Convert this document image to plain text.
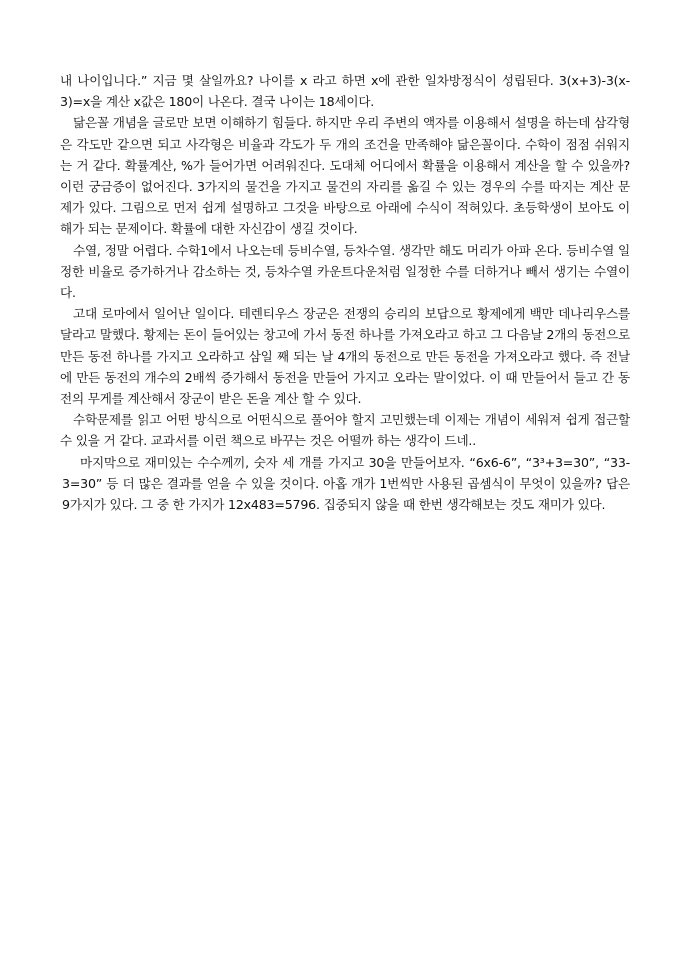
내 나이입니다.” 지금 몇 살일까요? 나이를 x 라고 하면 x에 관한 일차방정식이 성립된다. 3(x+3)-3(x-3)=x을 계산 x값은 180이 나온다. 결국 나이는 18세이다.

닮은꼴 개념을 글로만 보면 이해하기 힘들다. 하지만 우리 주변의 액자를 이용해서 설명을 하는데 삼각형은 각도만 같으면 되고 사각형은 비율과 각도가 두 개의 조건을 만족해야 닮은꼴이다. 수학이 점점 쉬워지는 거 같다. 확률계산, %가 들어가면 어려워진다. 도대체 어디에서 확률을 이용해서 계산을 할 수 있을까? 이런 궁금증이 없어진다. 3가지의 물건을 가지고 물건의 자리를 옮길 수 있는 경우의 수를 따지는 계산 문제가 있다. 그림으로 먼저 쉽게 설명하고 그것을 바탕으로 아래에 수식이 적혀있다. 초등학생이 보아도 이해가 되는 문제이다. 확률에 대한 자신감이 생길 것이다.

수열, 정말 어렵다. 수학1에서 나오는데 등비수열, 등차수열. 생각만 해도 머리가 아파 온다. 등비수열 일정한 비율로 증가하거나 감소하는 것, 등차수열 카운트다운처럼 일정한 수를 더하거나 빼서 생기는 수열이다.

고대 로마에서 일어난 일이다. 테렌티우스 장군은 전쟁의 승리의 보답으로 황제에게 백만 데나리우스를 달라고 말했다. 황제는 돈이 들어있는 창고에 가서 동전 하나를 가져오라고 하고 그 다음날 2개의 동전으로 만든 동전 하나를 가지고 오라하고 삼일 째 되는 날 4개의 동전으로 만든 동전을 가져오라고 했다. 즉 전날에 만든 동전의 개수의 2배씩 증가해서 동전을 만들어 가지고 오라는 말이었다. 이 때 만들어서 들고 간 동전의 무게를 계산해서 장군이 받은 돈을 계산 할 수 있다.

수학문제를 읽고 어떤 방식으로 어떤식으로 풀어야 할지 고민했는데 이제는 개념이 세워져 쉽게 접근할 수 있을 거 같다. 교과서를 이런 책으로 바꾸는 것은 어떨까 하는 생각이 드네..

마지막으로 재미있는 수수께끼, 숫자 세 개를 가지고 30을 만들어보자. “6x6-6”, “3³+3=30”, “33-3=30” 등 더 많은 결과를 얻을 수 있을 것이다. 아홉 개가 1번씩만 사용된 곱셈식이 무엇이 있을까? 답은 9가지가 있다. 그 중 한 가지가 12x483=5796. 집중되지 않을 때 한번 생각해보는 것도 재미가 있다.
